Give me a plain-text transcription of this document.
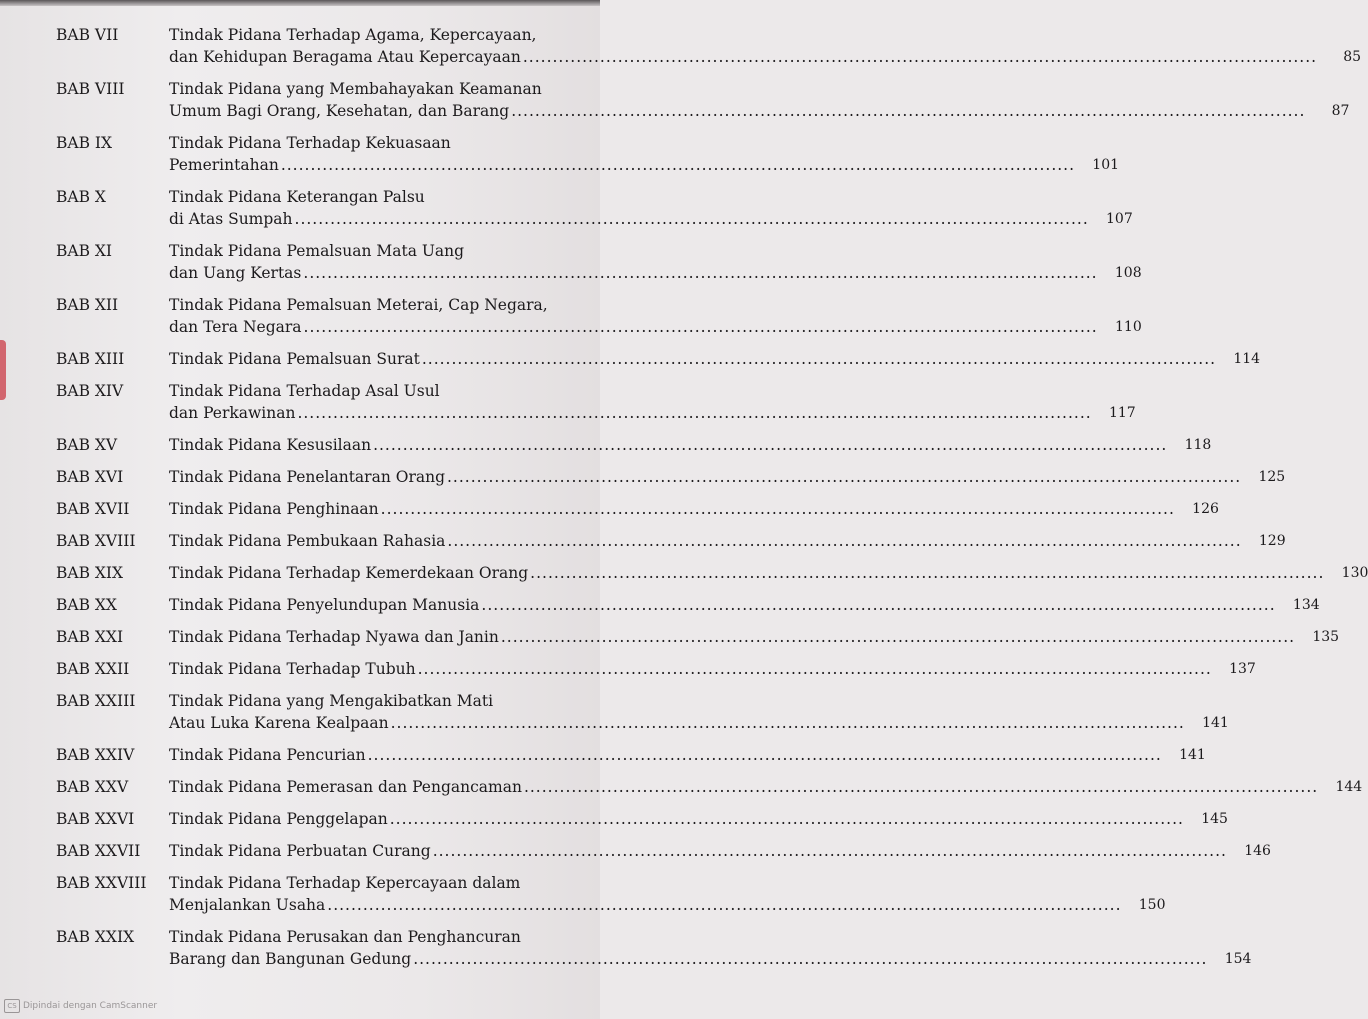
BAB VII	Tindak Pidana Terhadap Agama, Kepercayaan,
dan Kehidupan Beragama Atau Kepercayaan .....	85
BAB VIII	Tindak Pidana yang Membahayakan Keamanan
Umum Bagi Orang, Kesehatan, dan Barang .....	87
BAB IX	Tindak Pidana Terhadap Kekuasaan
Pemerintahan .....	101
BAB X	Tindak Pidana Keterangan Palsu
di Atas Sumpah .....	107
BAB XI	Tindak Pidana Pemalsuan Mata Uang
dan Uang Kertas .....	108
BAB XII	Tindak Pidana Pemalsuan Meterai, Cap Negara,
dan Tera Negara .....	110
BAB XIII	Tindak Pidana Pemalsuan Surat .....	114
BAB XIV	Tindak Pidana Terhadap Asal Usul
dan Perkawinan .....	117
BAB XV	Tindak Pidana Kesusilaan .....	118
BAB XVI	Tindak Pidana Penelantaran Orang .....	125
BAB XVII	Tindak Pidana Penghinaan .....	126
BAB XVIII	Tindak Pidana Pembukaan Rahasia .....	129
BAB XIX	Tindak Pidana Terhadap Kemerdekaan Orang .....	130
BAB XX	Tindak Pidana Penyelundupan Manusia .....	134
BAB XXI	Tindak Pidana Terhadap Nyawa dan Janin .....	135
BAB XXII	Tindak Pidana Terhadap Tubuh .....	137
BAB XXIII	Tindak Pidana yang Mengakibatkan Mati
Atau Luka Karena Kealpaan .....	141
BAB XXIV	Tindak Pidana Pencurian .....	141
BAB XXV	Tindak Pidana Pemerasan dan Pengancaman .....	144
BAB XXVI	Tindak Pidana Penggelapan .....	145
BAB XXVII	Tindak Pidana Perbuatan Curang .....	146
BAB XXVIII	Tindak Pidana Terhadap Kepercayaan dalam
Menjalankan Usaha .....	150
BAB XXIX	Tindak Pidana Perusakan dan Penghancuran
Barang dan Bangunan Gedung .....	154
CS Dipindai dengan CamScanner
